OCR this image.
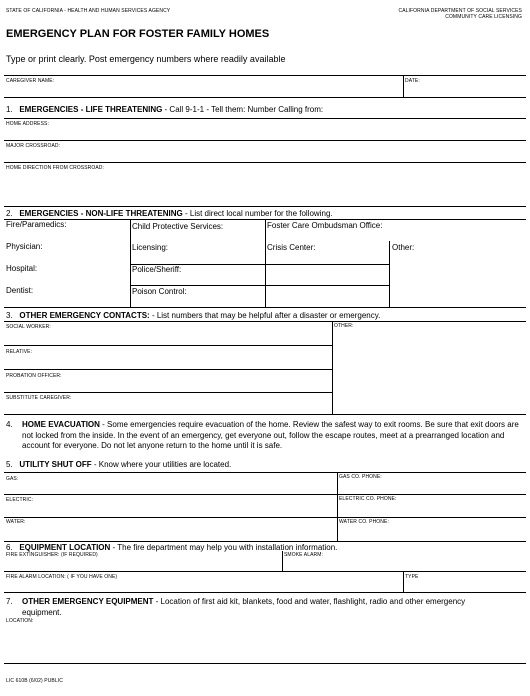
STATE OF CALIFORNIA - HEALTH AND HUMAN SERVICES AGENCY	CALIFORNIA DEPARTMENT OF SOCIAL SERVICES
COMMUNITY CARE LICENSING
EMERGENCY PLAN FOR FOSTER FAMILY HOMES
Type or print clearly. Post emergency numbers where readily available
CAREGIVER NAME:	DATE:
1. EMERGENCIES - LIFE THREATENING - Call 9-1-1 - Tell them: Number Calling from:
HOME ADDRESS:
MAJOR CROSSROAD:
HOME DIRECTION FROM CROSSROAD:
2. EMERGENCIES - NON-LIFE THREATENING - List direct local number for the following.
Fire/Paramedics:	Child Protective Services:	Foster Care Ombudsman Office:
Physician:	Licensing:	Crisis Center:	Other:
Hospital:	Police/Sheriff:
Dentist:	Poison Control:
3. OTHER EMERGENCY CONTACTS: - List numbers that may be helpful after a disaster or emergency.
SOCIAL WORKER:	OTHER:
RELATIVE:
PROBATION OFFICER:
SUBSTITUTE CAREGIVER:
4. HOME EVACUATION - Some emergencies require evacuation of the home. Review the safest way to exit rooms. Be sure that exit doors are not locked from the inside. In the event of an emergency, get everyone out, follow the escape routes, meet at a prearranged location and account for everyone. Do not let anyone return to the home until it is safe.
5. UTILITY SHUT OFF - Know where your utilities are located.
GAS:	GAS CO. PHONE:
ELECTRIC:	ELECTRIC CO. PHONE:
WATER:	WATER CO. PHONE:
6. EQUIPMENT LOCATION - The fire department may help you with installation information.
FIRE EXTINGUISHER: (IF REQUIRED)	SMOKE ALARM:
FIRE ALARM LOCATION: ( IF YOU HAVE ONE)	TYPE
7. OTHER EMERGENCY EQUIPMENT - Location of first aid kit, blankets, food and water, flashlight, radio and other emergency equipment.
LOCATION:
LIC 610B (6/02) PUBLIC
